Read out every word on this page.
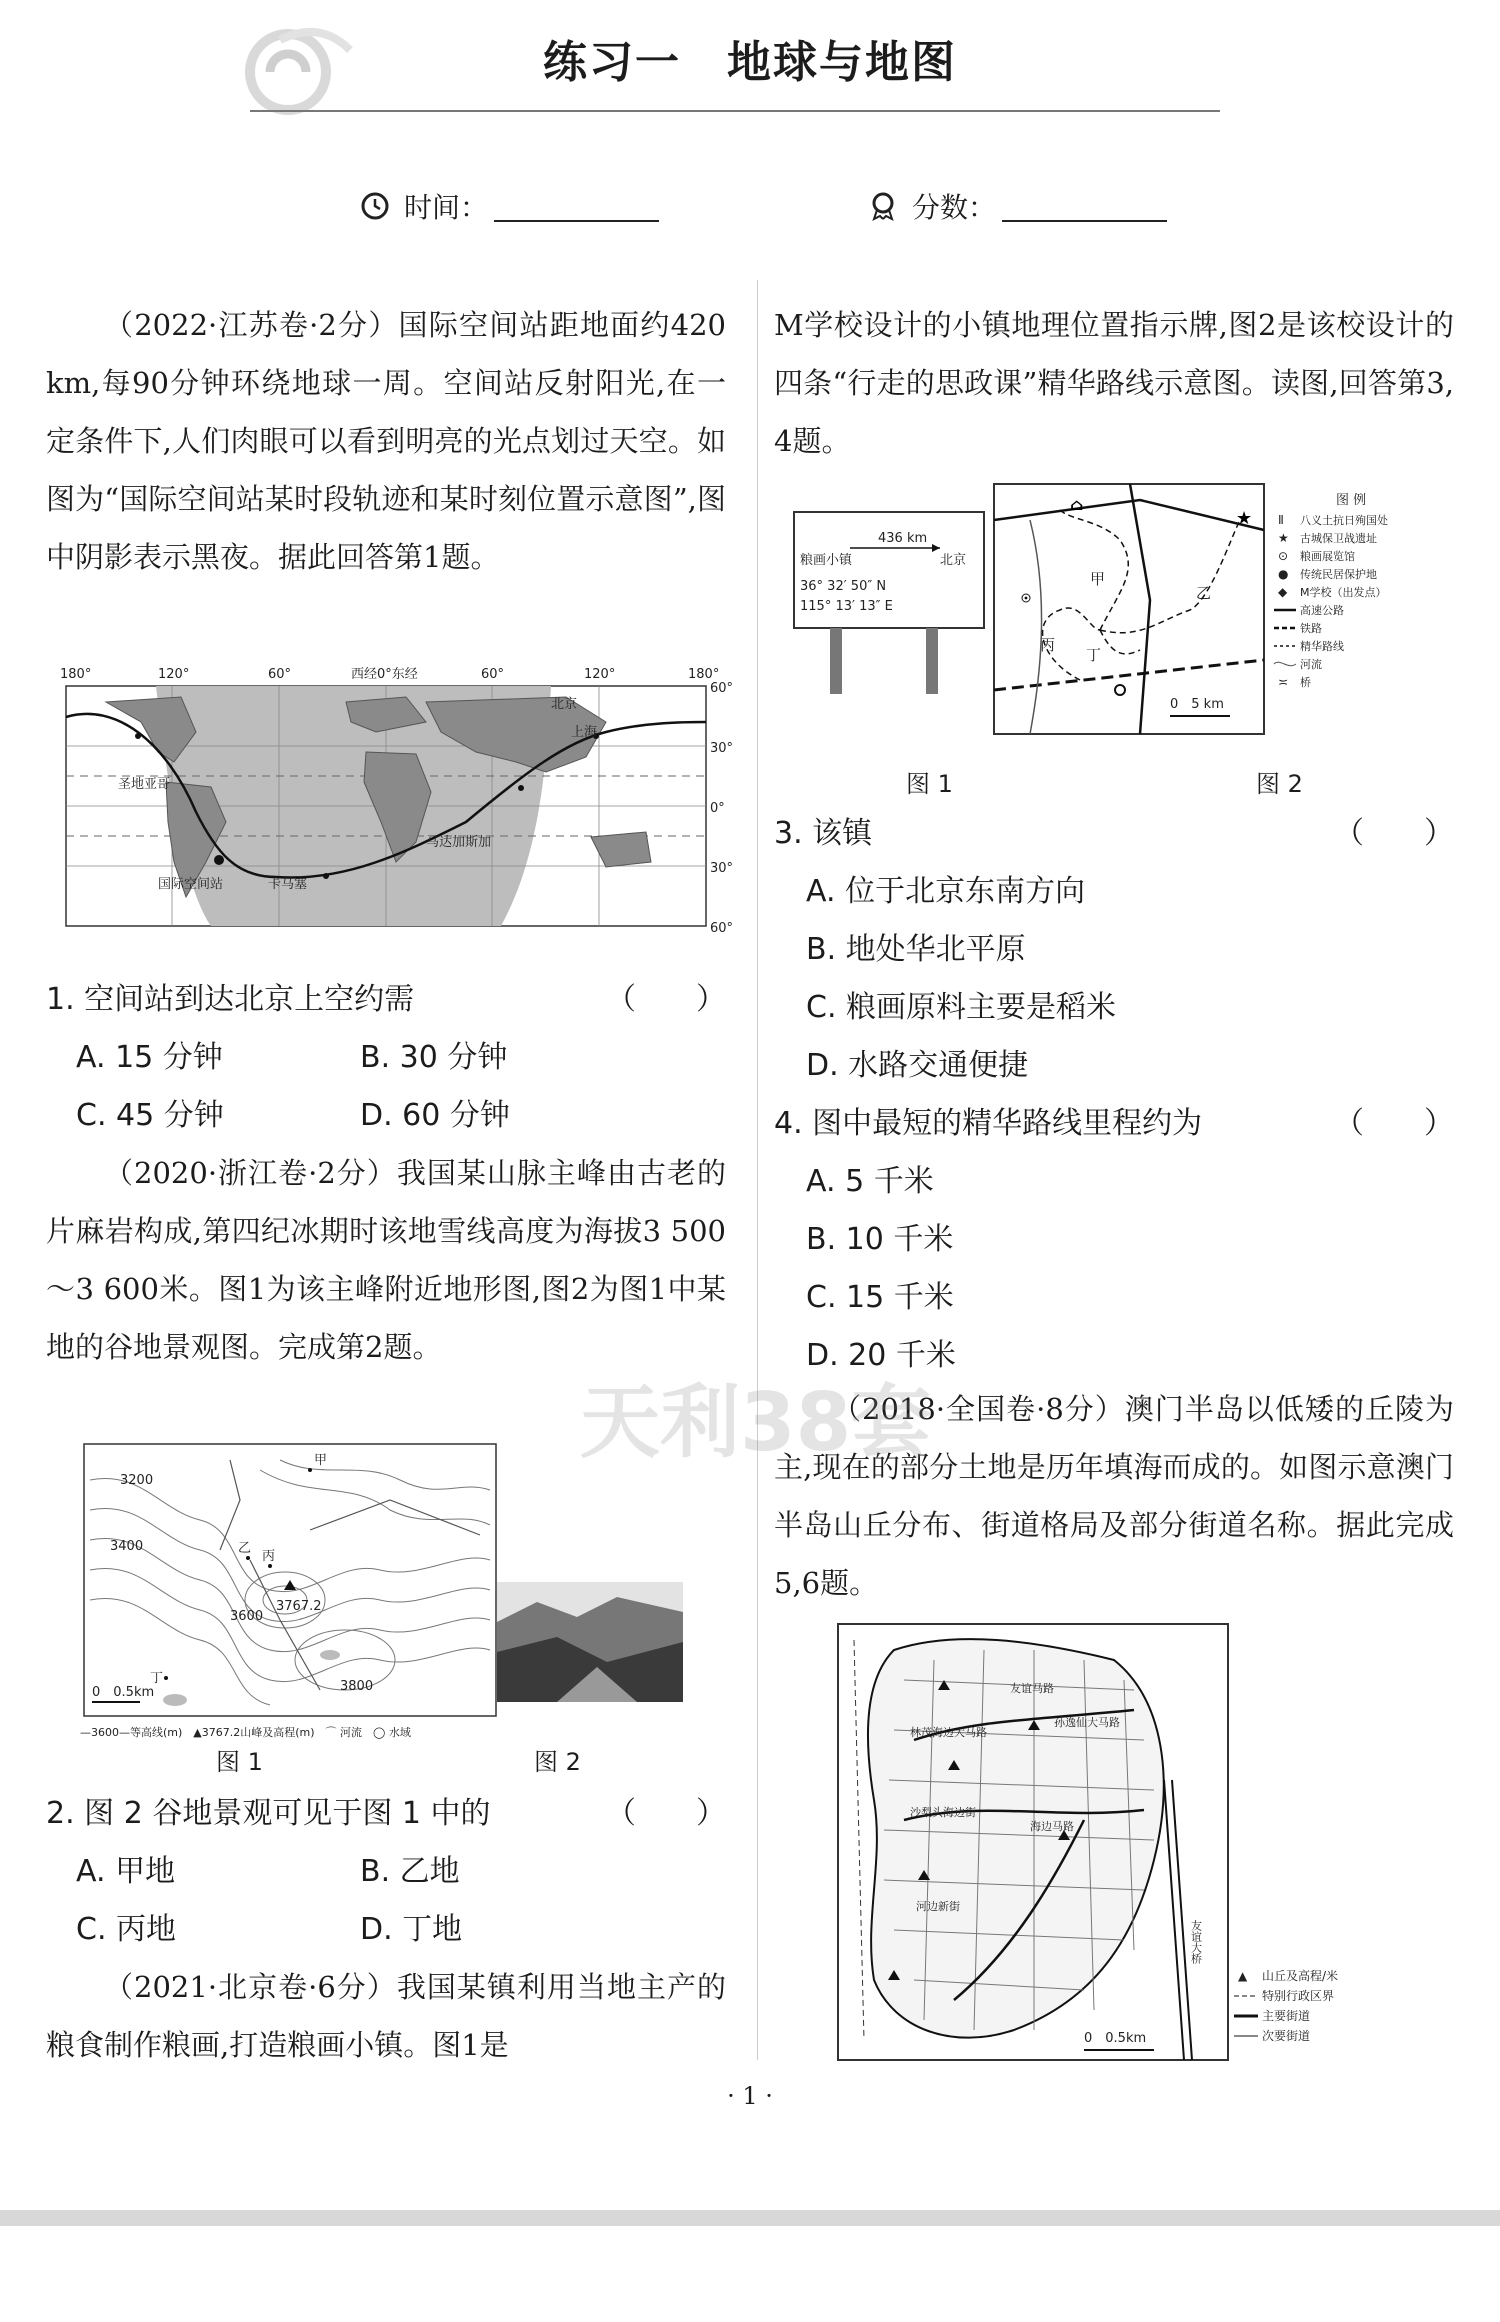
练习一　地球与地图
时间：	分数：
（2022·江苏卷·2分）国际空间站距地面约420 km,每90分钟环绕地球一周。空间站反射阳光,在一定条件下,人们肉眼可以看到明亮的光点划过天空。如图为“国际空间站某时段轨迹和某时刻位置示意图”,图中阴影表示黑夜。据此回答第1题。
180°	120°	60°	西经0°东经	60°	120°	180°
60°
30°
0°
30°
60°
北京
上海
圣地亚哥
马达加斯加
国际空间站	卡马塞
1. 空间站到达北京上空约需	（　　）
A. 15 分钟	B. 30 分钟
C. 45 分钟	D. 60 分钟
（2020·浙江卷·2分）我国某山脉主峰由古老的片麻岩构成,第四纪冰期时该地雪线高度为海拔3 500～3 600米。图1为该主峰附近地形图,图2为图1中某地的谷地景观图。完成第2题。
甲
乙
丙
丁
3200
3400
3600
3800
3767.2
0　0.5km
—3600—等高线(m)　▲3767.2山峰及高程(m)　⌒ 河流　◯ 水域
图 1	图 2
2. 图 2 谷地景观可见于图 1 中的	（　　）
A. 甲地	B. 乙地
C. 丙地	D. 丁地
（2021·北京卷·6分）我国某镇利用当地主产的粮食制作粮画,打造粮画小镇。图1是
M学校设计的小镇地理位置指示牌,图2是该校设计的四条“行走的思政课”精华路线示意图。读图,回答第3,4题。
436 km
粮画小镇	北京
36° 32′ 50″ N
115° 13′ 13″ E
⌂
★
甲
乙
丙
丁
0　5 km
图 例
Ⅱ 八义土抗日殉国处
★ 古城保卫战遗址
⊙ 粮画展览馆
● 传统民居保护地
◆ M学校（出发点）
高速公路
铁路
精华路线
河流
≍ 桥
图 1	图 2
3. 该镇	（　　）
A. 位于北京东南方向
B. 地处华北平原
C. 粮画原料主要是稻米
D. 水路交通便捷
4. 图中最短的精华路线里程约为	（　　）
A. 5 千米
B. 10 千米
C. 15 千米
D. 20 千米
（2018·全国卷·8分）澳门半岛以低矮的丘陵为主,现在的部分土地是历年填海而成的。如图示意澳门半岛山丘分布、街道格局及部分街道名称。据此完成5,6题。
友谊马路
孙逸仙大马路
林茂海边大马路
沙梨头海边街
河边新街
海边马路
友谊大桥
0　0.5km
▲ 山丘及高程/米
特别行政区界
主要街道
次要街道
天利38套
· 1 ·
